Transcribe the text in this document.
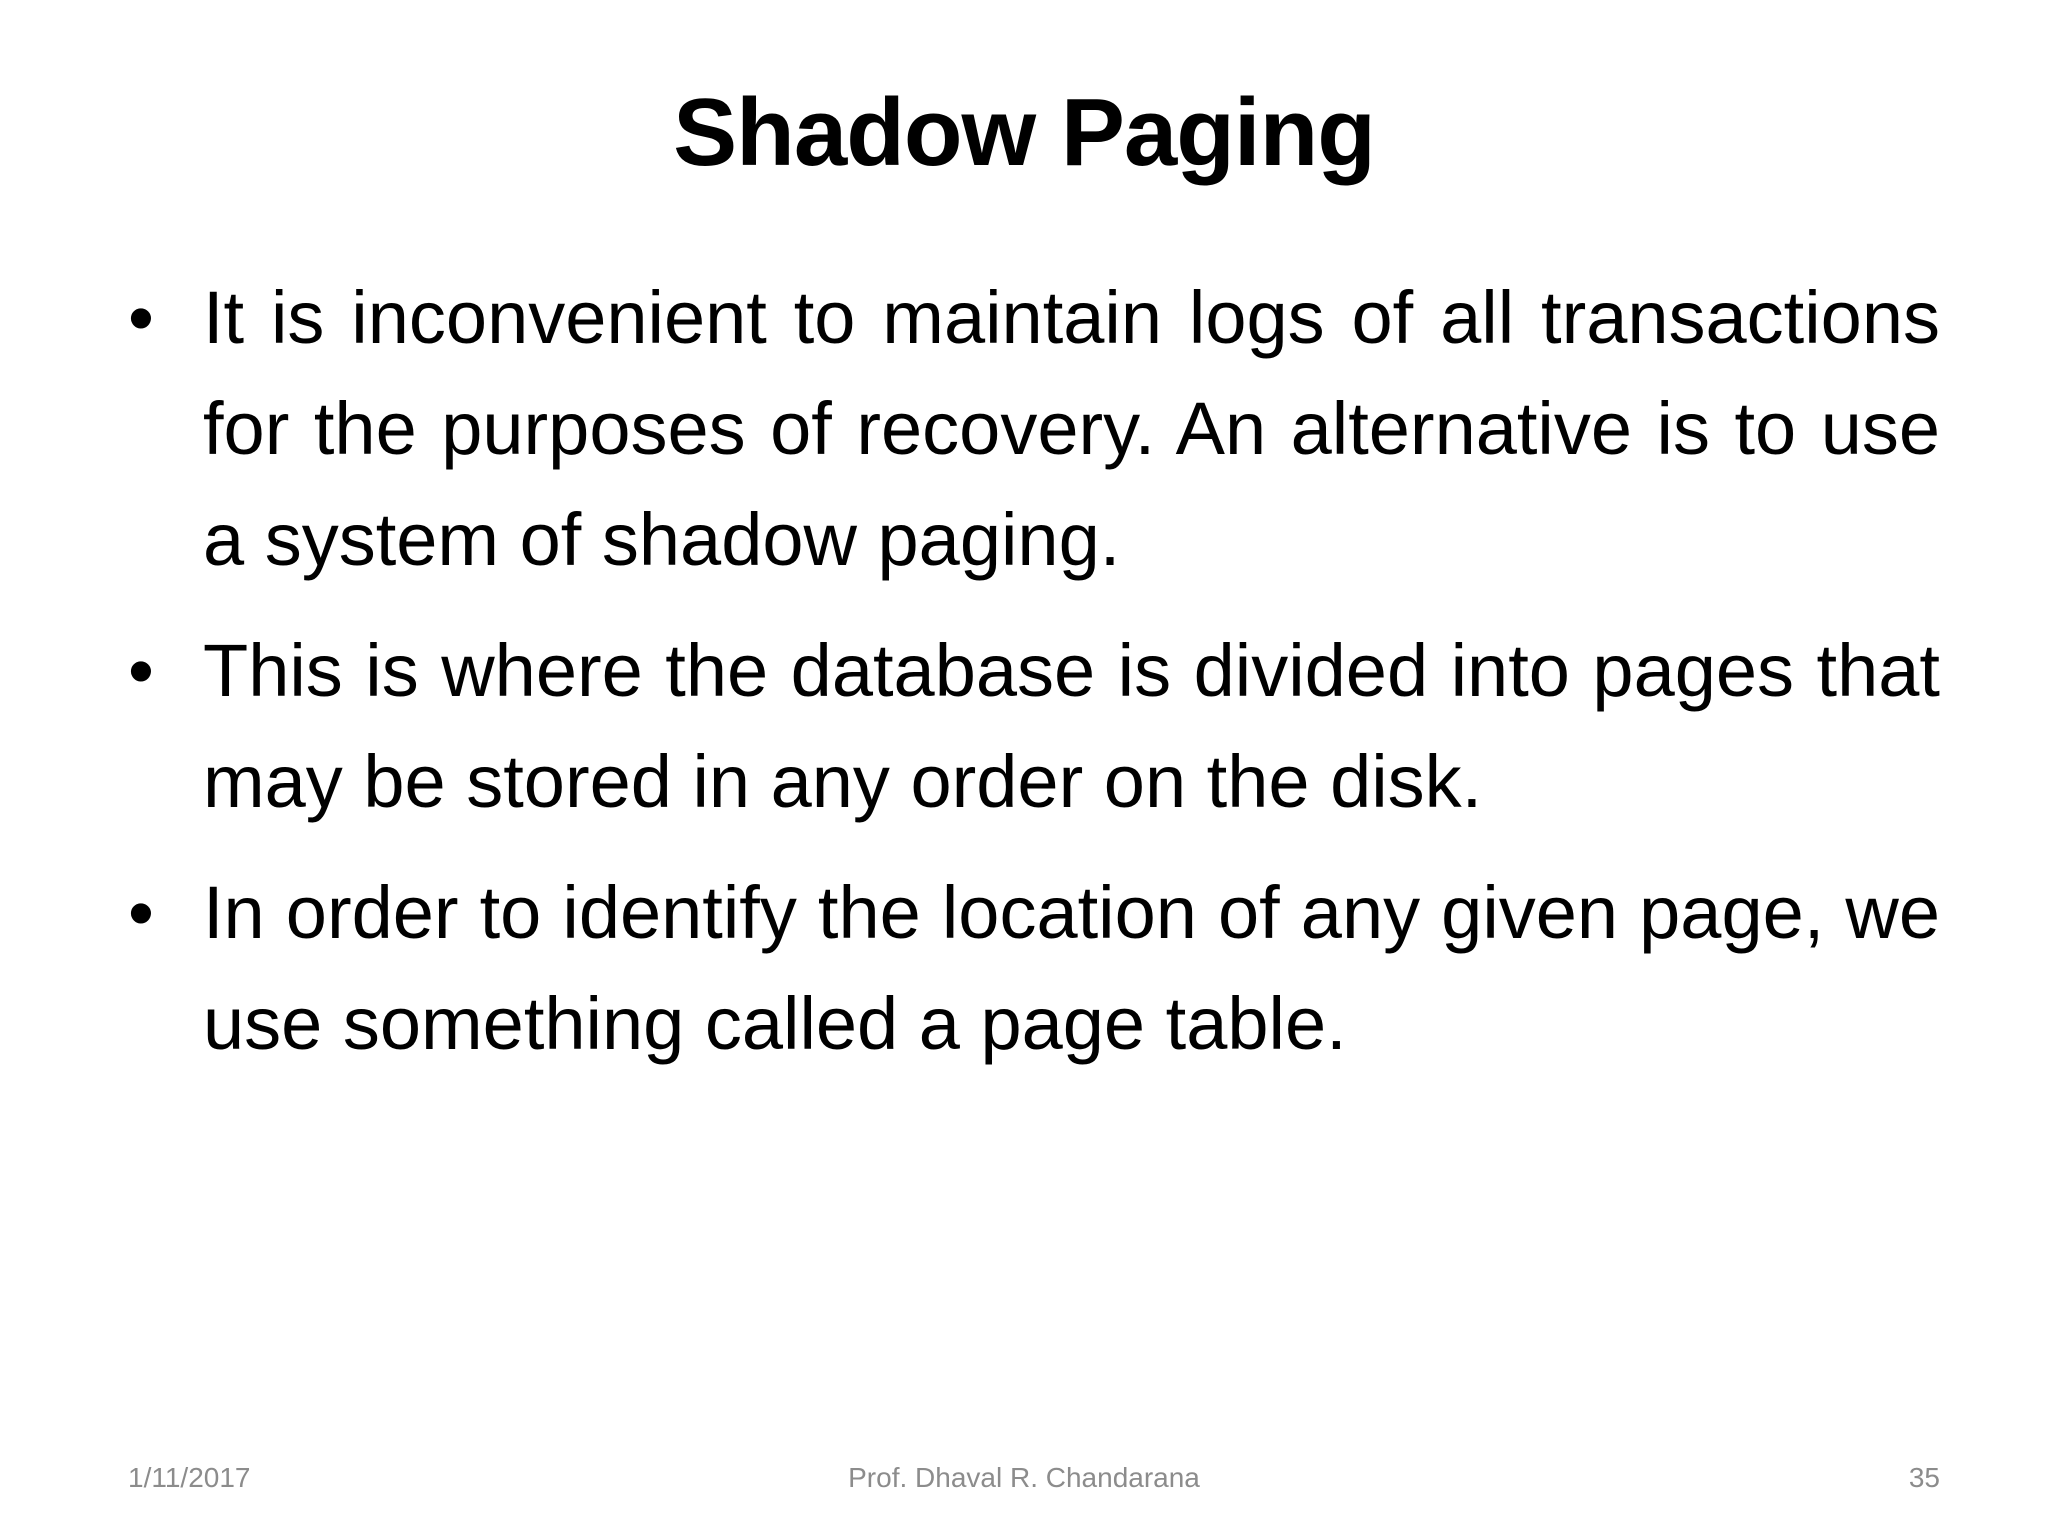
Shadow Paging
• It is inconvenient to maintain logs of all transactions for the purposes of recovery. An alternative is to use a system of shadow paging.
• This is where the database is divided into pages that may be stored in any order on the disk.
• In order to identify the location of any given page, we use something called a page table.
1/11/2017	Prof. Dhaval R. Chandarana	35
